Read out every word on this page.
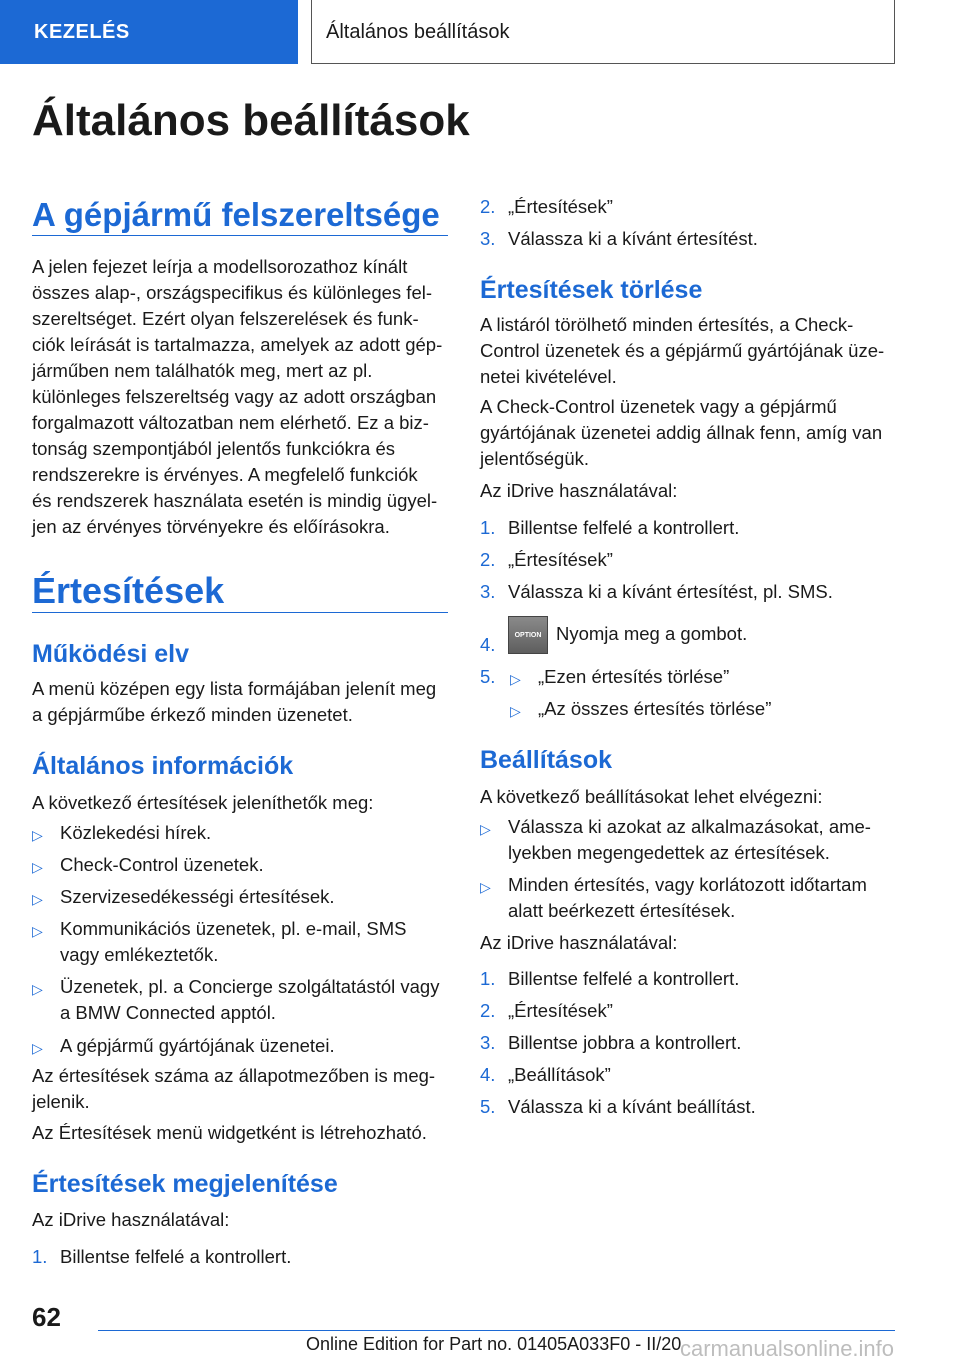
KEZELÉS	Általános beállítások
Általános beállítások
A gépjármű felszereltsége

A jelen fejezet leírja a modellsorozathoz kínált

összes alap-, országspecifikus és különleges fel-

szereltséget. Ezért olyan felszerelések és funk-

ciók leírását is tartalmazza, amelyek az adott gép-

járműben nem találhatók meg, mert az pl.

különleges felszereltség vagy az adott országban

forgalmazott változatban nem elérhető. Ez a biz-

tonság szempontjából jelentős funkciókra és

rendszerekre is érvényes. A megfelelő funkciók

és rendszerek használata esetén is mindig ügyel-

jen az érvényes törvényekre és előírásokra.

Értesítések
Működési elv

A menü középen egy lista formájában jelenít meg

a gépjárműbe érkező minden üzenetet.

Általános információk

A következő értesítések jeleníthetők meg:

▷ Közlekedési hírek.
▷ Check-Control üzenetek.
▷ Szervizesedékességi értesítések.
▷ Kommunikációs üzenetek, pl. e-mail, SMS
vagy emlékeztetők.
▷ Üzenetek, pl. a Concierge szolgáltatástól vagy
a BMW Connected apptól.
▷ A gépjármű gyártójának üzenetei.

Az értesítések száma az állapotmezőben is meg-

jelenik.

Az Értesítések menü widgetként is létrehozható.

Értesítések megjelenítése

Az iDrive használatával:

1. Billentse felfelé a kontrollert.
2. „Értesítések”
3. Válassza ki a kívánt értesítést.
Értesítések törlése

A listáról törölhető minden értesítés, a Check-

Control üzenetek és a gépjármű gyártójának üze-

netei kivételével.

A Check-Control üzenetek vagy a gépjármű

gyártójának üzenetei addig állnak fenn, amíg van

jelentőségük.

Az iDrive használatával:

1. Billentse felfelé a kontrollert.
2. „Értesítések”
3. Válassza ki a kívánt értesítést, pl. SMS.
4.	OPTION Nyomja meg a gombot.
5. ▷ „Ezen értesítés törlése”
▷ „Az összes értesítés törlése”
Beállítások

A következő beállításokat lehet elvégezni:

▷ Válassza ki azokat az alkalmazásokat, ame-
lyekben megengedettek az értesítések.
▷ Minden értesítés, vagy korlátozott időtartam
alatt beérkezett értesítések.

Az iDrive használatával:

1. Billentse felfelé a kontrollert.
2. „Értesítések”
3. Billentse jobbra a kontrollert.
4. „Beállítások”
5. Válassza ki a kívánt beállítást.
62
Online Edition for Part no. 01405A033F0 - II/20
carmanualsonline.info
